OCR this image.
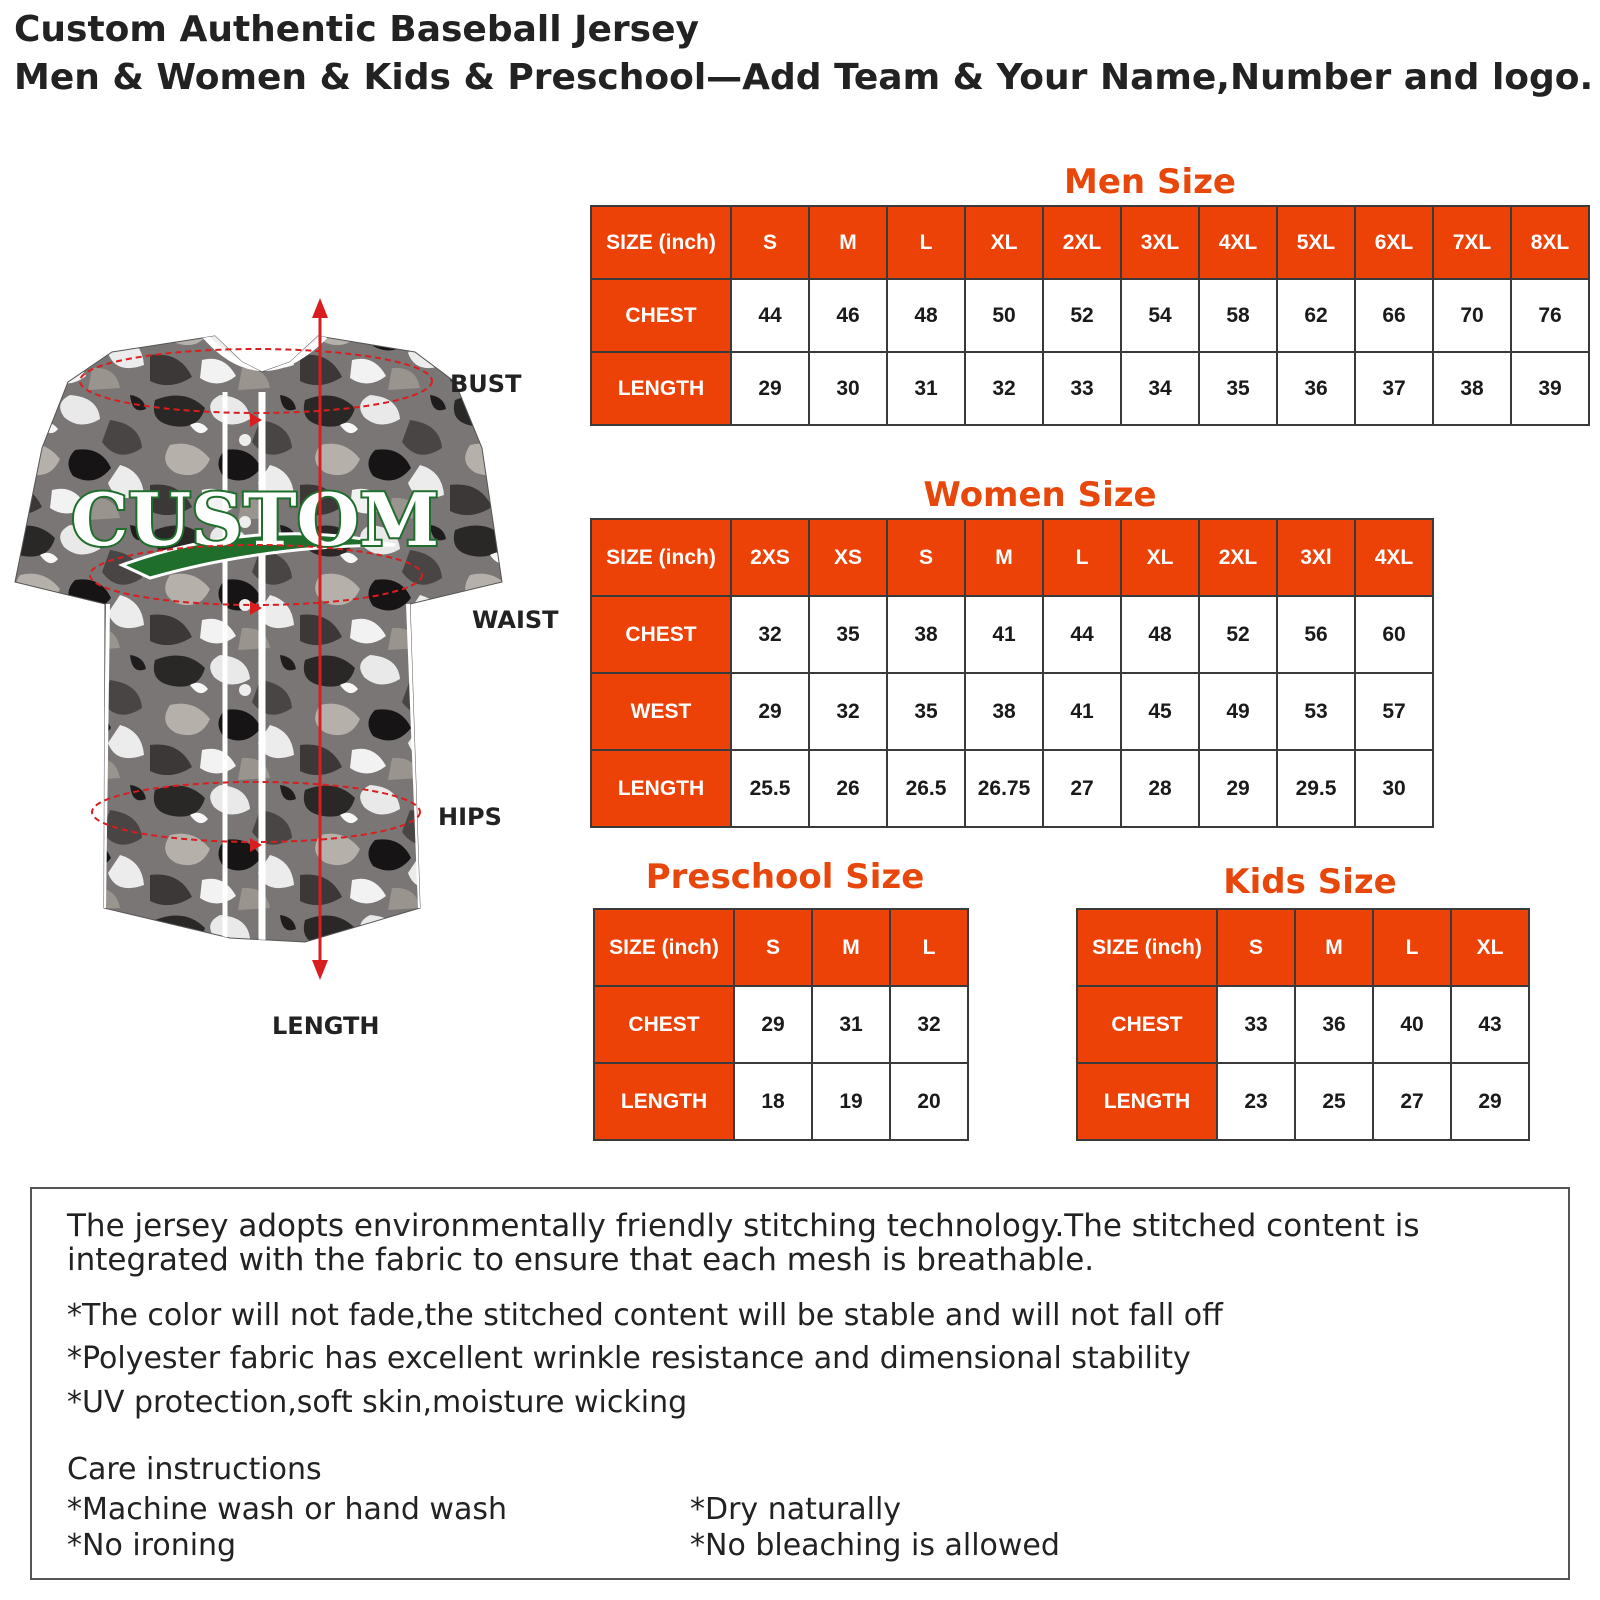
Custom Authentic Baseball Jersey
Men & Women & Kids & Preschool—Add Team & Your Name,Number and logo.
CUSTOM
BUST
WAIST
HIPS
LENGTH
Men Size
SIZE (inch)	S	M	L	XL	2XL	3XL	4XL	5XL	6XL	7XL	8XL
CHEST	44	46	48	50	52	54	58	62	66	70	76
LENGTH	29	30	31	32	33	34	35	36	37	38	39
Women Size
SIZE (inch)	2XS	XS	S	M	L	XL	2XL	3Xl	4XL
CHEST	32	35	38	41	44	48	52	56	60
WEST	29	32	35	38	41	45	49	53	57
LENGTH	25.5	26	26.5	26.75	27	28	29	29.5	30
Preschool Size
SIZE (inch)	S	M	L
CHEST	29	31	32
LENGTH	18	19	20
Kids Size
SIZE (inch)	S	M	L	XL
CHEST	33	36	40	43
LENGTH	23	25	27	29

The jersey adopts environmentally friendly stitching technology.The stitched content is

integrated with the fabric to ensure that each mesh is breathable.

*The color will not fade,the stitched content will be stable and will not fall off

*Polyester fabric has excellent wrinkle resistance and dimensional stability

*UV protection,soft skin,moisture wicking

Care instructions

*Machine wash or hand wash	*Dry naturally

*No ironing	*No bleaching is allowed
